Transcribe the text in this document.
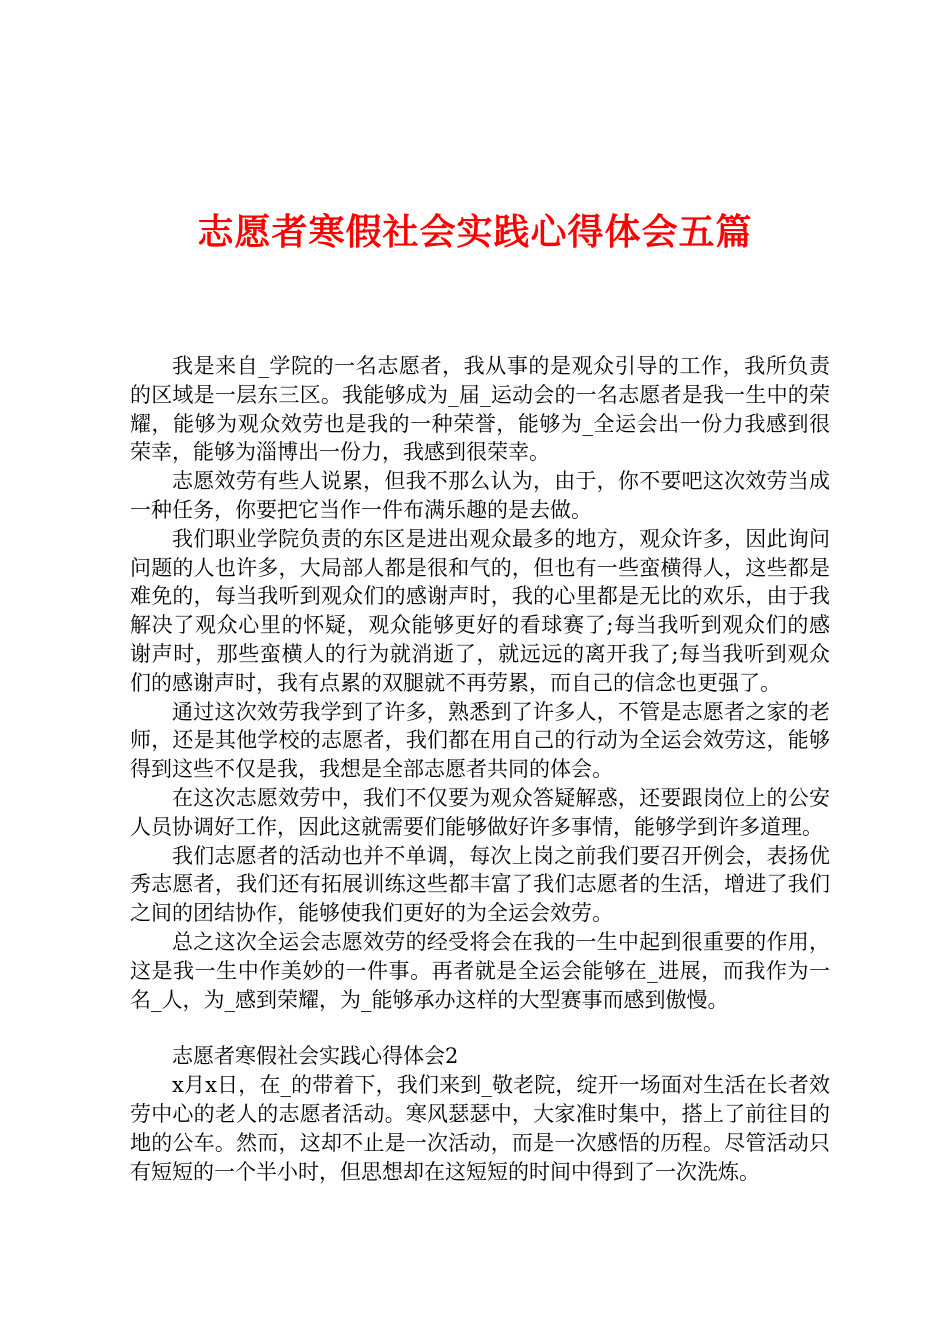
志愿者寒假社会实践心得体会五篇

我是来自_学院的一名志愿者，我从事的是观众引导的工作，我所负责的区域是一层东三区。我能够成为_届_运动会的一名志愿者是我一生中的荣耀，能够为观众效劳也是我的一种荣誉，能够为_全运会出一份力我感到很荣幸，能够为淄博出一份力，我感到很荣幸。

志愿效劳有些人说累，但我不那么认为，由于，你不要吧这次效劳当成一种任务，你要把它当作一件布满乐趣的是去做。

我们职业学院负责的东区是进出观众最多的地方，观众许多，因此询问问题的人也许多，大局部人都是很和气的，但也有一些蛮横得人，这些都是难免的，每当我听到观众们的感谢声时，我的心里都是无比的欢乐，由于我解决了观众心里的怀疑，观众能够更好的看球赛了;每当我听到观众们的感谢声时，那些蛮横人的行为就消逝了，就远远的离开我了;每当我听到观众们的感谢声时，我有点累的双腿就不再劳累，而自己的信念也更强了。

通过这次效劳我学到了许多，熟悉到了许多人，不管是志愿者之家的老师，还是其他学校的志愿者，我们都在用自己的行动为全运会效劳这，能够得到这些不仅是我，我想是全部志愿者共同的体会。

在这次志愿效劳中，我们不仅要为观众答疑解惑，还要跟岗位上的公安人员协调好工作，因此这就需要们能够做好许多事情，能够学到许多道理。

我们志愿者的活动也并不单调，每次上岗之前我们要召开例会，表扬优秀志愿者，我们还有拓展训练这些都丰富了我们志愿者的生活，增进了我们之间的团结协作，能够使我们更好的为全运会效劳。

总之这次全运会志愿效劳的经受将会在我的一生中起到很重要的作用，这是我一生中作美妙的一件事。再者就是全运会能够在_进展，而我作为一名_人，为_感到荣耀，为_能够承办这样的大型赛事而感到傲慢。

志愿者寒假社会实践心得体会2

x月x日，在_的带着下，我们来到_敬老院，绽开一场面对生活在长者效劳中心的老人的志愿者活动。寒风瑟瑟中，大家准时集中，搭上了前往目的地的公车。然而，这却不止是一次活动，而是一次感悟的历程。尽管活动只有短短的一个半小时，但思想却在这短短的时间中得到了一次洗炼。
